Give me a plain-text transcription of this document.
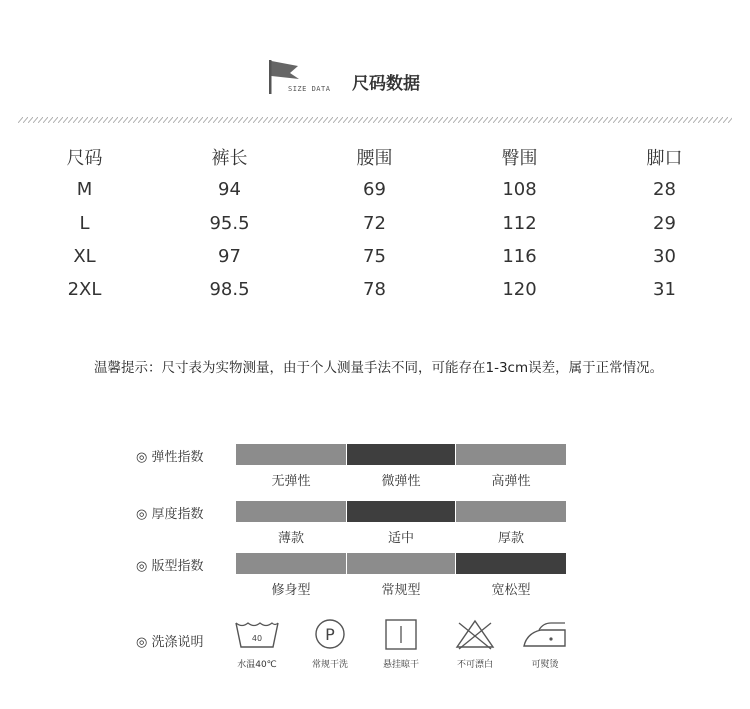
SIZE DATA 尺码数据
尺码	裤长	腰围	臀围	脚口
M	94	69	108	28
L	95.5	72	112	29
XL	97	75	116	30
2XL	98.5	78	120	31
温馨提示：尺寸表为实物测量，由于个人测量手法不同，可能存在1-3cm误差，属于正常情况。
◎ 弹性指数
无弹性	微弹性	高弹性
◎ 厚度指数
薄款	适中	厚款
◎ 版型指数
修身型	常规型	宽松型
◎ 洗涤说明	40	P
水温40℃	常规干洗	悬挂晾干	不可漂白	可熨烫
